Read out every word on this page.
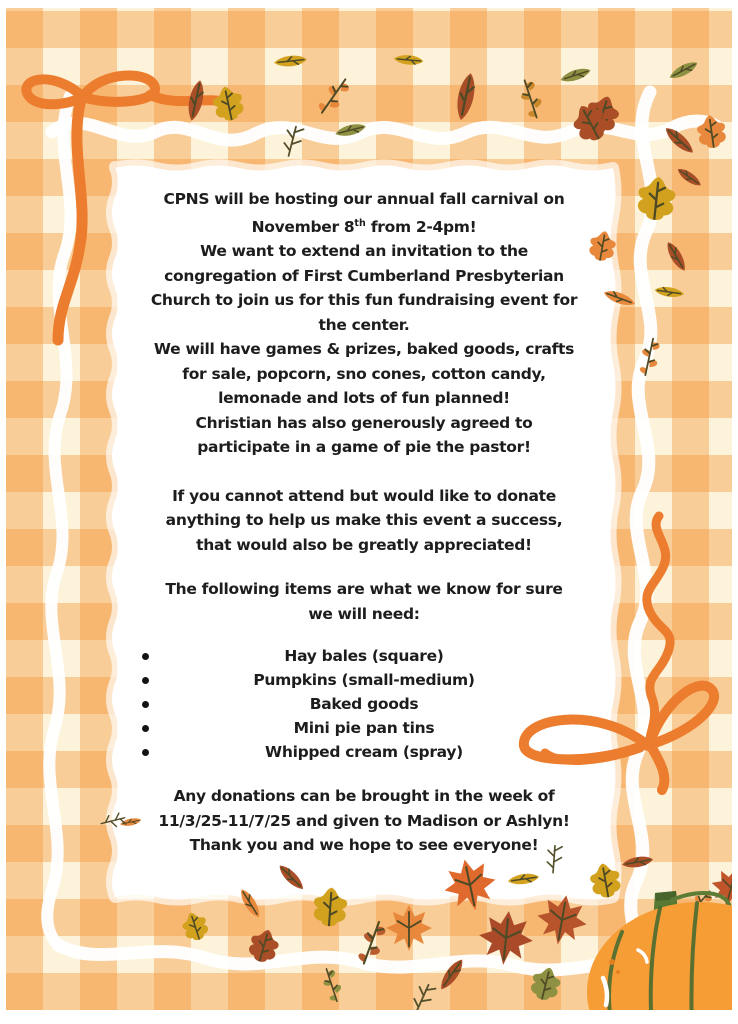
CPNS will be hosting our annual fall carnival on
November 8th from 2-4pm!
We want to extend an invitation to the
congregation of First Cumberland Presbyterian
Church to join us for this fun fundraising event for
the center.
We will have games & prizes, baked goods, crafts
for sale, popcorn, sno cones, cotton candy,
lemonade and lots of fun planned!
Christian has also generously agreed to
participate in a game of pie the pastor!
If you cannot attend but would like to donate
anything to help us make this event a success,
that would also be greatly appreciated!
The following items are what we know for sure
we will need:
Hay bales (square)
Pumpkins (small-medium)
Baked goods
Mini pie pan tins
Whipped cream (spray)
Any donations can be brought in the week of
11/3/25-11/7/25 and given to Madison or Ashlyn!
Thank you and we hope to see everyone!
